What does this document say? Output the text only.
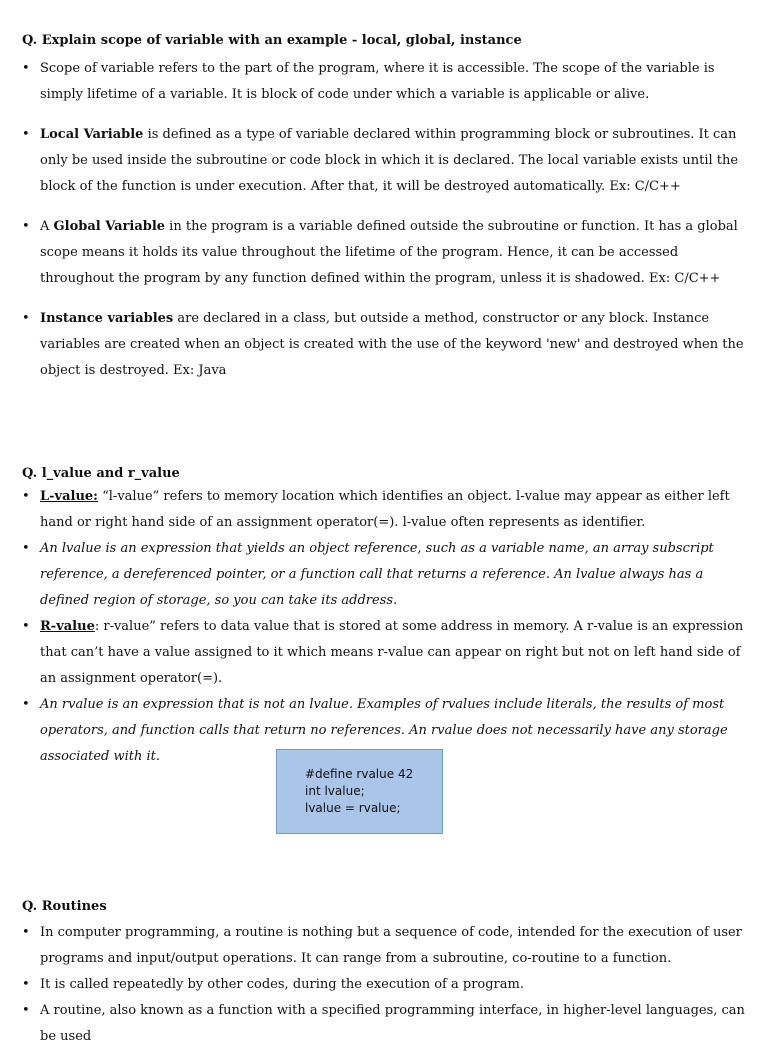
Q. Explain scope of variable with an example - local, global, instance

• Scope of variable refers to the part of the program, where it is accessible. The scope of the variable is simply lifetime of a variable. It is block of code under which a variable is applicable or alive.
• Local Variable is defined as a type of variable declared within programming block or subroutines. It can only be used inside the subroutine or code block in which it is declared. The local variable exists until the block of the function is under execution. After that, it will be destroyed automatically. Ex: C/C++
• A Global Variable in the program is a variable defined outside the subroutine or function. It has a global scope means it holds its value throughout the lifetime of the program. Hence, it can be accessed throughout the program by any function defined within the program, unless it is shadowed. Ex: C/C++
• Instance variables are declared in a class, but outside a method, constructor or any block. Instance variables are created when an object is created with the use of the keyword 'new' and destroyed when the object is destroyed. Ex: Java

Q. l_value and r_value

• L-value: “l-value” refers to memory location which identifies an object. l-value may appear as either left hand or right hand side of an assignment operator(=). l-value often represents as identifier.
• An lvalue is an expression that yields an object reference, such as a variable name, an array subscript reference, a dereferenced pointer, or a function call that returns a reference. An lvalue always has a defined region of storage, so you can take its address.
• R-value: r-value” refers to data value that is stored at some address in memory. A r-value is an expression that can’t have a value assigned to it which means r-value can appear on right but not on left hand side of an assignment operator(=).
• An rvalue is an expression that is not an lvalue. Examples of rvalues include literals, the results of most operators, and function calls that return no references. An rvalue does not necessarily have any storage associated with it.
#define rvalue 42
int lvalue;
lvalue = rvalue;

Q. Routines

• In computer programming, a routine is nothing but a sequence of code, intended for the execution of user programs and input/output operations. It can range from a subroutine, co-routine to a function.
• It is called repeatedly by other codes, during the execution of a program.
• A routine, also known as a function with a specified programming interface, in higher-level languages, can be used
